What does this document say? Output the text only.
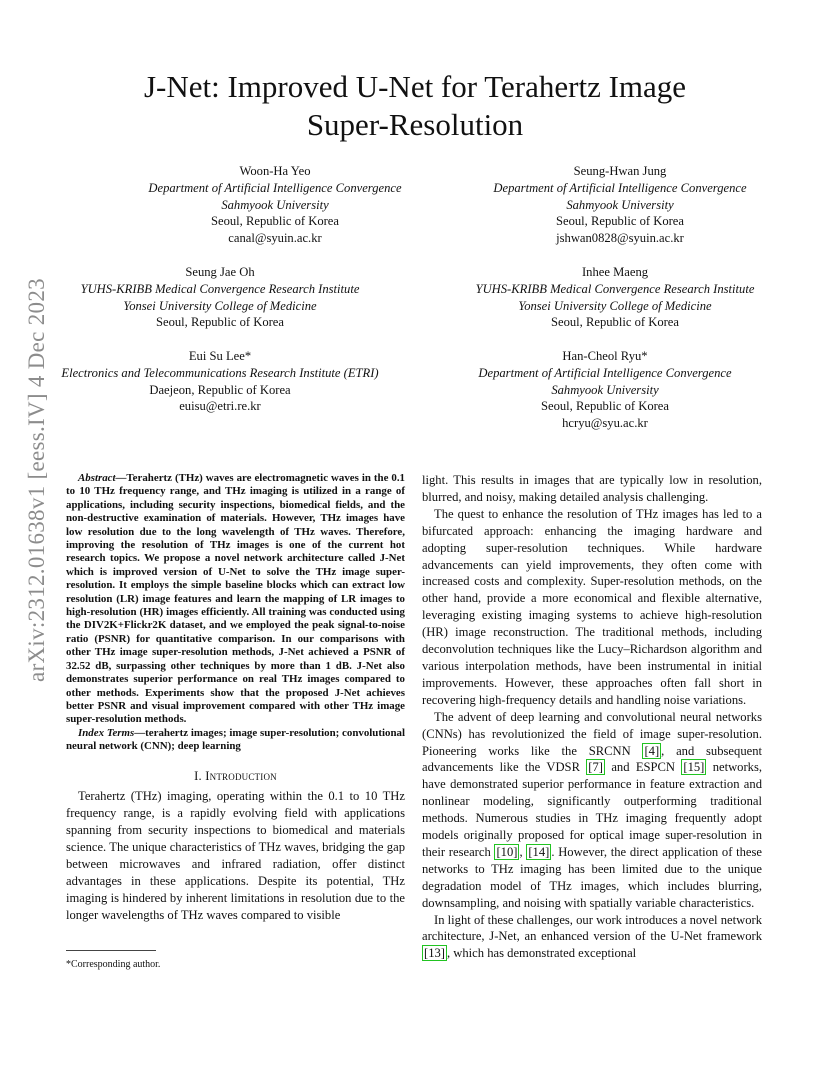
arXiv:2312.01638v1 [eess.IV] 4 Dec 2023
J-Net: Improved U-Net for Terahertz Image
Super-Resolution
Woon-Ha Yeo
Department of Artificial Intelligence Convergence
Sahmyook University
Seoul, Republic of Korea
canal@syuin.ac.kr
Seung-Hwan Jung
Department of Artificial Intelligence Convergence
Sahmyook University
Seoul, Republic of Korea
jshwan0828@syuin.ac.kr
Seung Jae Oh
YUHS-KRIBB Medical Convergence Research Institute
Yonsei University College of Medicine
Seoul, Republic of Korea
Inhee Maeng
YUHS-KRIBB Medical Convergence Research Institute
Yonsei University College of Medicine
Seoul, Republic of Korea
Eui Su Lee*
Electronics and Telecommunications Research Institute (ETRI)
Daejeon, Republic of Korea
euisu@etri.re.kr
Han-Cheol Ryu*
Department of Artificial Intelligence Convergence
Sahmyook University
Seoul, Republic of Korea
hcryu@syu.ac.kr

Abstract—Terahertz (THz) waves are electromagnetic waves in the 0.1 to 10 THz frequency range, and THz imaging is utilized in a range of applications, including security inspections, biomedical fields, and the non-destructive examination of materials. However, THz images have low resolution due to the long wavelength of THz waves. Therefore, improving the resolution of THz images is one of the current hot research topics. We propose a novel network architecture called J-Net which is improved version of U-Net to solve the THz image super-resolution. It employs the simple baseline blocks which can extract low resolution (LR) image features and learn the mapping of LR images to high-resolution (HR) images efficiently. All training was conducted using the DIV2K+Flickr2K dataset, and we employed the peak signal-to-noise ratio (PSNR) for quantitative comparison. In our comparisons with other THz image super-resolution methods, J-Net achieved a PSNR of 32.52 dB, surpassing other techniques by more than 1 dB. J-Net also demonstrates superior performance on real THz images compared to other methods. Experiments show that the proposed J-Net achieves better PSNR and visual improvement compared with other THz image super-resolution methods.

Index Terms—terahertz images; image super-resolution; convolutional neural network (CNN); deep learning

I. Introduction

Terahertz (THz) imaging, operating within the 0.1 to 10 THz frequency range, is a rapidly evolving field with applications spanning from security inspections to biomedical and materials science. The unique characteristics of THz waves, bridging the gap between microwaves and infrared radiation, offer distinct advantages in these applications. Despite its potential, THz imaging is hindered by inherent limitations in resolution due to the longer wavelengths of THz waves compared to visible

light. This results in images that are typically low in resolution, blurred, and noisy, making detailed analysis challenging.

The quest to enhance the resolution of THz images has led to a bifurcated approach: enhancing the imaging hardware and adopting super-resolution techniques. While hardware advancements can yield improvements, they often come with increased costs and complexity. Super-resolution methods, on the other hand, provide a more economical and flexible alternative, leveraging existing imaging systems to achieve high-resolution (HR) image reconstruction. The traditional methods, including deconvolution techniques like the Lucy–Richardson algorithm and various interpolation methods, have been instrumental in initial improvements. However, these approaches often fall short in recovering high-frequency details and handling noise variations.

The advent of deep learning and convolutional neural networks (CNNs) has revolutionized the field of image super-resolution. Pioneering works like the SRCNN [4] , and subsequent advancements like the VDSR [7] and ESPCN [15] networks, have demonstrated superior performance in feature extraction and nonlinear modeling, significantly outperforming traditional methods. Numerous studies in THz imaging frequently adopt models originally proposed for optical image super-resolution in their research [10] , [14] . However, the direct application of these networks to THz imaging has been limited due to the unique degradation model of THz images, which includes blurring, downsampling, and noising with spatially variable characteristics.

In light of these challenges, our work introduces a novel network architecture, J-Net, an enhanced version of the U-Net framework [13] , which has demonstrated exceptional

*Corresponding author.
